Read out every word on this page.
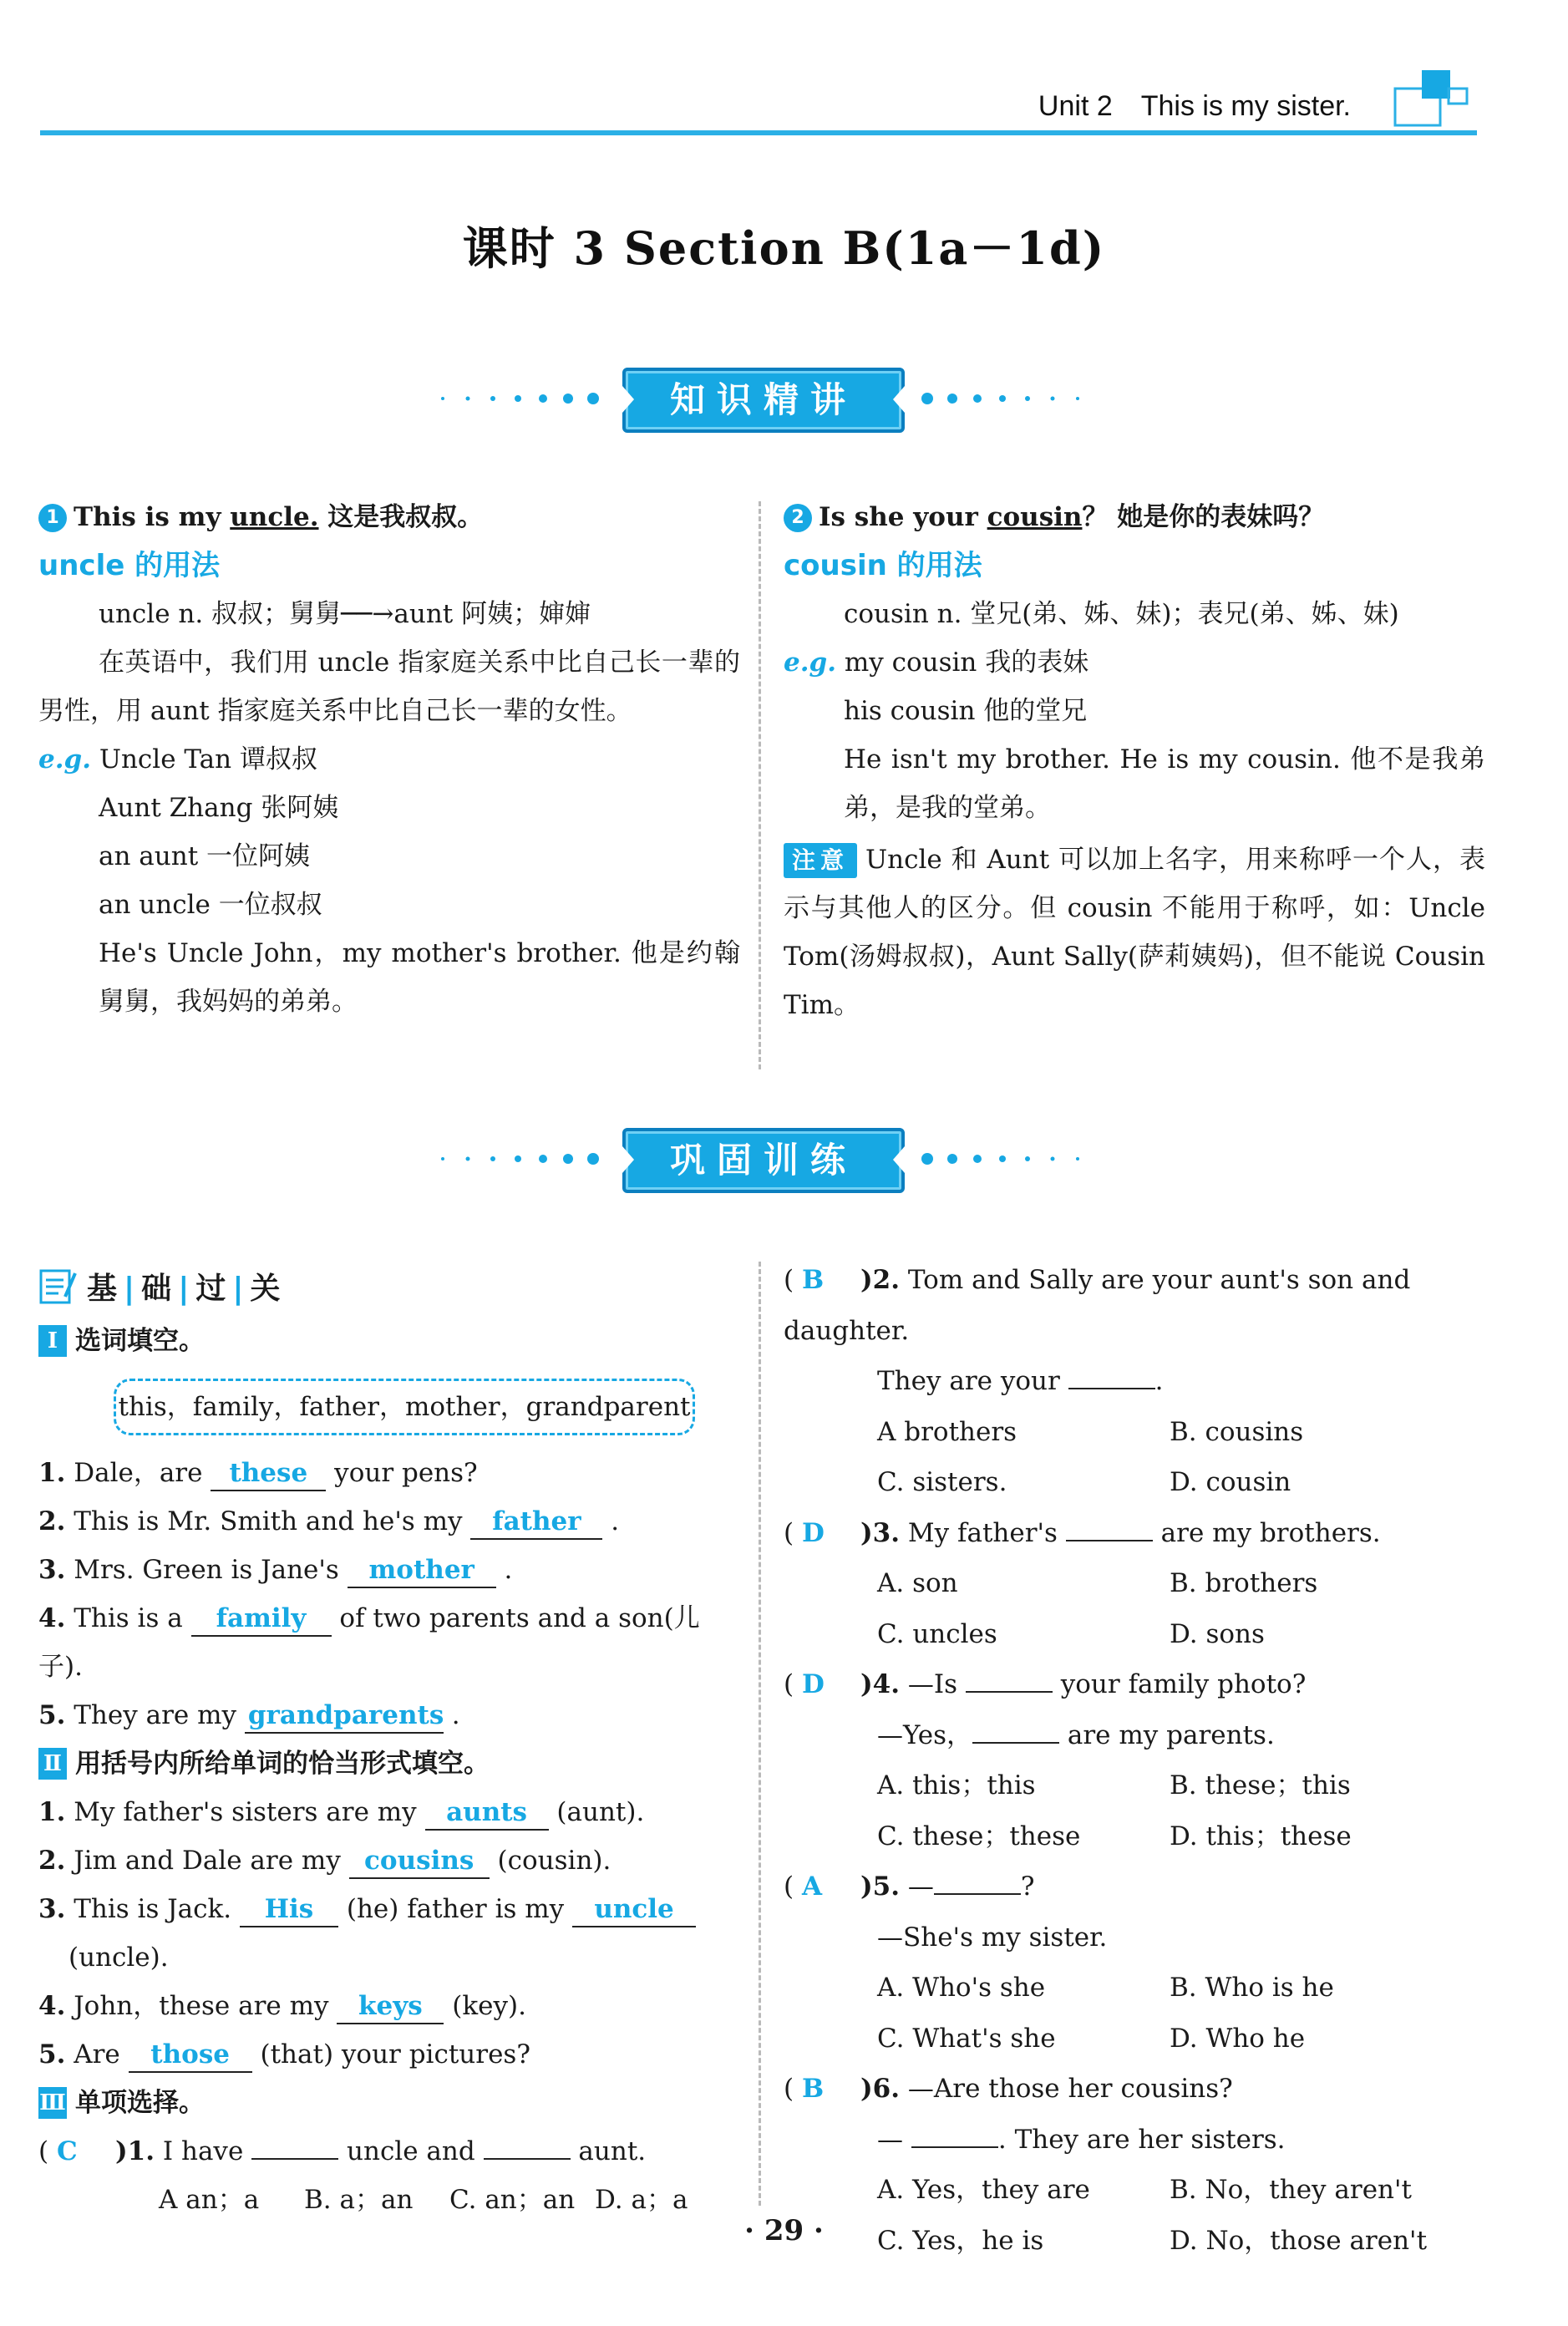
Unit 2 This is my sister.
课时 3 Section B(1a－1d)
知识精讲
1 This is my uncle. 这是我叔叔。
uncle 的用法
uncle n. 叔叔；舅舅──→aunt 阿姨；婶婶
在英语中，我们用 uncle 指家庭关系中比自己长一辈的男性，用 aunt 指家庭关系中比自己长一辈的女性。
e.g. Uncle Tan 谭叔叔
Aunt Zhang 张阿姨
an aunt 一位阿姨
an uncle 一位叔叔
He's Uncle John，my mother's brother. 他是约翰舅舅，我妈妈的弟弟。
2 Is she your cousin？ 她是你的表妹吗？
cousin 的用法
cousin n. 堂兄(弟、姊、妹)；表兄(弟、姊、妹)
e.g. my cousin 我的表妹
his cousin 他的堂兄
He isn't my brother. He is my cousin. 他不是我弟弟，是我的堂弟。
注意 Uncle 和 Aunt 可以加上名字，用来称呼一个人，表示与其他人的区分。但 cousin 不能用于称呼，如：Uncle Tom(汤姆叔叔)，Aunt Sally(萨莉姨妈)，但不能说 Cousin Tim。
巩固训练
基 | 础 | 过 | 关
Ⅰ 选词填空。
this，family，father，mother，grandparent
1. Dale，are these your pens?
2. This is Mr. Smith and he's my father .
3. Mrs. Green is Jane's mother .
4. This is a family of two parents and a son(儿子).
5. They are my grandparents .
Ⅱ 用括号内所给单词的恰当形式填空。
1. My father's sisters are my aunts (aunt).
2. Jim and Dale are my cousins (cousin).
3. This is Jack. His (he) father is my uncle
(uncle).
4. John，these are my keys (key).
5. Are those (that) your pictures?
Ⅲ 单项选择。
( C )1. I have	uncle and	aunt.
A an；a	B. a；an	C. an；an D. a；a
( B )2. Tom and Sally are your aunt's son and daughter.
They are your	.
A brothers	B. cousins
C. sisters.	D. cousin
( D )3. My father's	are my brothers.
A. son	B. brothers
C. uncles	D. sons
( D )4. —Is	your family photo?
—Yes，	are my parents.
A. this；this	B. these；this
C. these；these	D. this；these
( A )5. —	?
—She's my sister.
A. Who's she	B. Who is he
C. What's she	D. Who he
( B )6. —Are those her cousins?
—	. They are her sisters.
A. Yes，they are	B. No，they aren't
C. Yes，he is	D. No，those aren't
· 29 ·
